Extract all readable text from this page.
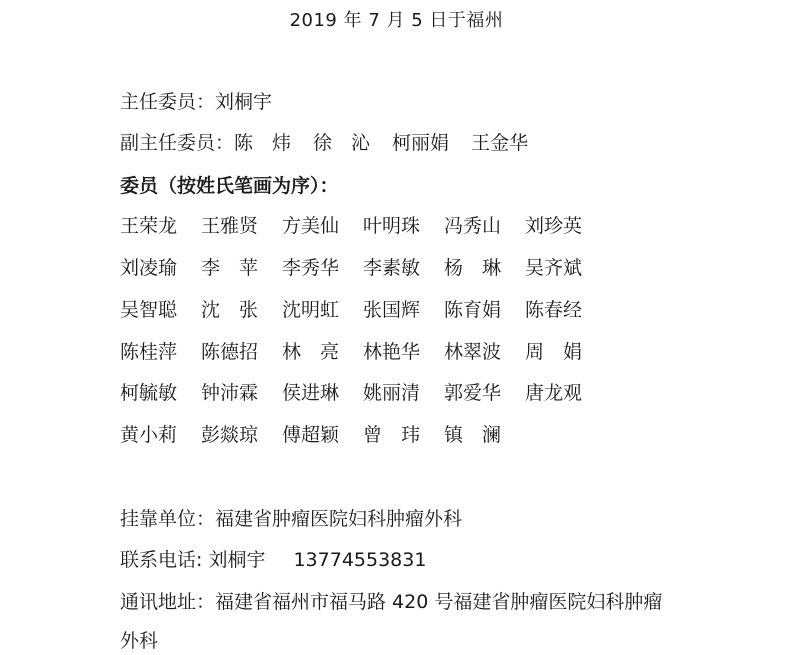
2019 年 7 月 5 日于福州
主任委员：刘桐宇
副主任委员：陈　炜 徐　沁 柯丽娟 王金华
委员（按姓氏笔画为序）：
王荣龙 王雅贤 方美仙 叶明珠 冯秀山 刘珍英
刘凌瑜 李　苹 李秀华 李素敏 杨　琳 吴齐斌
吴智聪 沈　张 沈明虹 张国辉 陈育娟 陈春经
陈桂萍 陈德招 林　亮 林艳华 林翠波 周　娟
柯毓敏 钟沛霖 侯进琳 姚丽清 郭爱华 唐龙观
黄小莉 彭燚琼 傅超颖 曾　玮 镇　澜
挂靠单位：福建省肿瘤医院妇科肿瘤外科
联系电话: 刘桐宇 13774553831
通讯地址：福建省福州市福马路 420 号福建省肿瘤医院妇科肿瘤
外科
